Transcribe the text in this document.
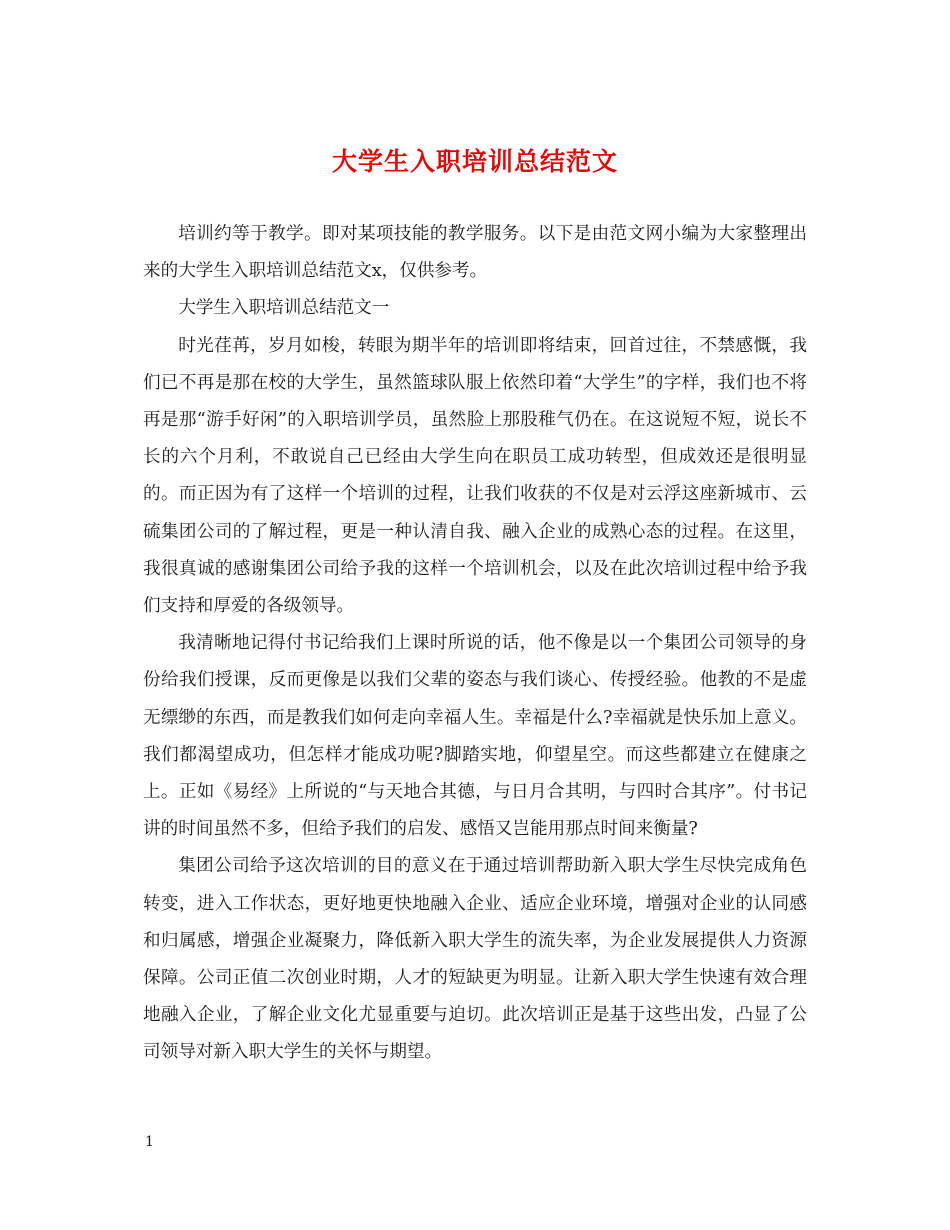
大学生入职培训总结范文

培训约等于教学。即对某项技能的教学服务。以下是由范文网小编为大家整理出来的大学生入职培训总结范文x，仅供参考。

大学生入职培训总结范文一

时光荏苒，岁月如梭，转眼为期半年的培训即将结束，回首过往，不禁感慨，我们已不再是那在校的大学生，虽然篮球队服上依然印着“大学生”的字样，我们也不将再是那“游手好闲”的入职培训学员，虽然脸上那股稚气仍在。在这说短不短，说长不长的六个月利，不敢说自己已经由大学生向在职员工成功转型，但成效还是很明显的。而正因为有了这样一个培训的过程，让我们收获的不仅是对云浮这座新城市、云硫集团公司的了解过程，更是一种认清自我、融入企业的成熟心态的过程。在这里，我很真诚的感谢集团公司给予我的这样一个培训机会，以及在此次培训过程中给予我们支持和厚爱的各级领导。

我清晰地记得付书记给我们上课时所说的话，他不像是以一个集团公司领导的身份给我们授课，反而更像是以我们父辈的姿态与我们谈心、传授经验。他教的不是虚无缥缈的东西，而是教我们如何走向幸福人生。幸福是什么?幸福就是快乐加上意义。我们都渴望成功，但怎样才能成功呢?脚踏实地，仰望星空。而这些都建立在健康之上。正如《易经》上所说的“与天地合其德，与日月合其明，与四时合其序”。付书记讲的时间虽然不多，但给予我们的启发、感悟又岂能用那点时间来衡量?

集团公司给予这次培训的目的意义在于通过培训帮助新入职大学生尽快完成角色转变，进入工作状态，更好地更快地融入企业、适应企业环境，增强对企业的认同感和归属感，增强企业凝聚力，降低新入职大学生的流失率，为企业发展提供人力资源保障。公司正值二次创业时期，人才的短缺更为明显。让新入职大学生快速有效合理地融入企业，了解企业文化尤显重要与迫切。此次培训正是基于这些出发，凸显了公司领导对新入职大学生的关怀与期望。

1
